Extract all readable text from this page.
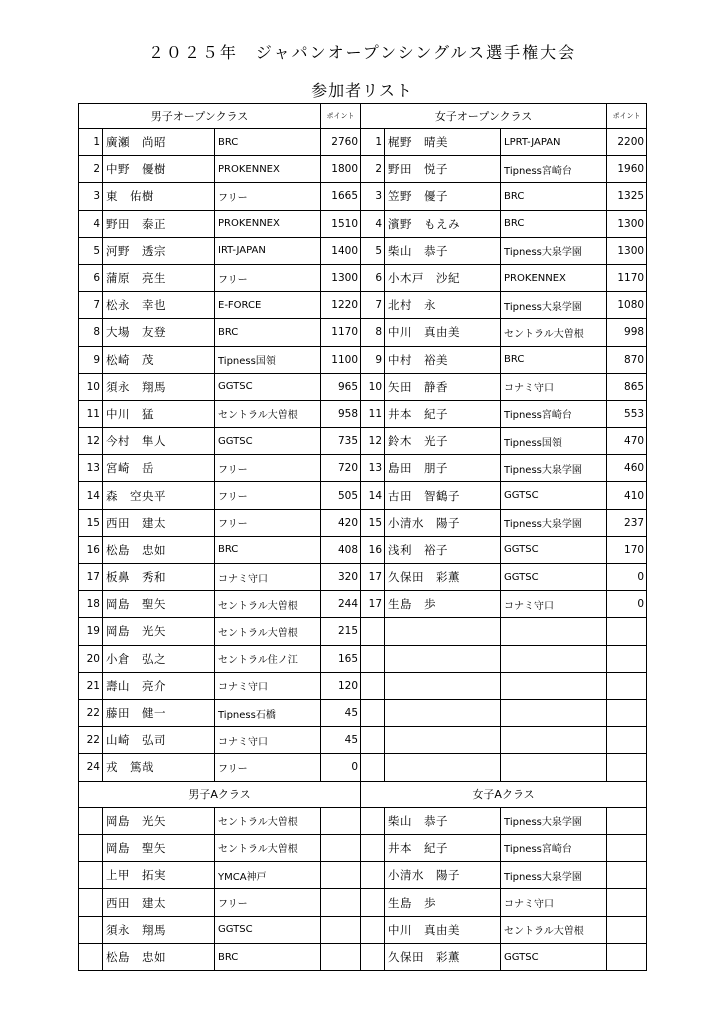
２０２５年　ジャパンオープンシングルス選手権大会
参加者リスト
男子オープンクラス			ポイント	女子オープンクラス			ポイント
1	廣瀬　尚昭	BRC	2760	1	梶野　晴美	LPRT-JAPAN	2200
2	中野　優樹	PROKENNEX	1800	2	野田　悦子	Tipness宮崎台	1960
3	東　佑樹	フリー	1665	3	笠野　優子	BRC	1325
4	野田　泰正	PROKENNEX	1510	4	濱野　もえみ	BRC	1300
5	河野　透宗	IRT-JAPAN	1400	5	柴山　恭子	Tipness大泉学園	1300
6	蒲原　亮生	フリー	1300	6	小木戸　沙紀	PROKENNEX	1170
7	松永　幸也	E-FORCE	1220	7	北村　永	Tipness大泉学園	1080
8	大場　友登	BRC	1170	8	中川　真由美	セントラル大曽根	998
9	松崎　茂	Tipness国領	1100	9	中村　裕美	BRC	870
10	須永　翔馬	GGTSC	965	10	矢田　静香	コナミ守口	865
11	中川　猛	セントラル大曽根	958	11	井本　紀子	Tipness宮崎台	553
12	今村　隼人	GGTSC	735	12	鈴木　光子	Tipness国領	470
13	宮崎　岳	フリー	720	13	島田　朋子	Tipness大泉学園	460
14	森　空央平	フリー	505	14	古田　智鶴子	GGTSC	410
15	西田　建太	フリー	420	15	小清水　陽子	Tipness大泉学園	237
16	松島　忠如	BRC	408	16	浅利　裕子	GGTSC	170
17	板鼻　秀和	コナミ守口	320	17	久保田　彩薫	GGTSC	0
18	岡島　聖矢	セントラル大曽根	244	17	生島　歩	コナミ守口	0
19	岡島　光矢	セントラル大曽根	215				
20	小倉　弘之	セントラル住ノ江	165				
21	壽山　亮介	コナミ守口	120				
22	藤田　健一	Tipness石橋	45				
22	山崎　弘司	コナミ守口	45				
24	戎　篤哉	フリー	0				
男子Aクラス				女子Aクラス			
	岡島　光矢	セントラル大曽根			柴山　恭子	Tipness大泉学園	
	岡島　聖矢	セントラル大曽根			井本　紀子	Tipness宮崎台	
	上甲　拓実	YMCA神戸			小清水　陽子	Tipness大泉学園	
	西田　建太	フリー			生島　歩	コナミ守口	
	須永　翔馬	GGTSC			中川　真由美	セントラル大曽根	
	松島　忠如	BRC			久保田　彩薫	GGTSC	
